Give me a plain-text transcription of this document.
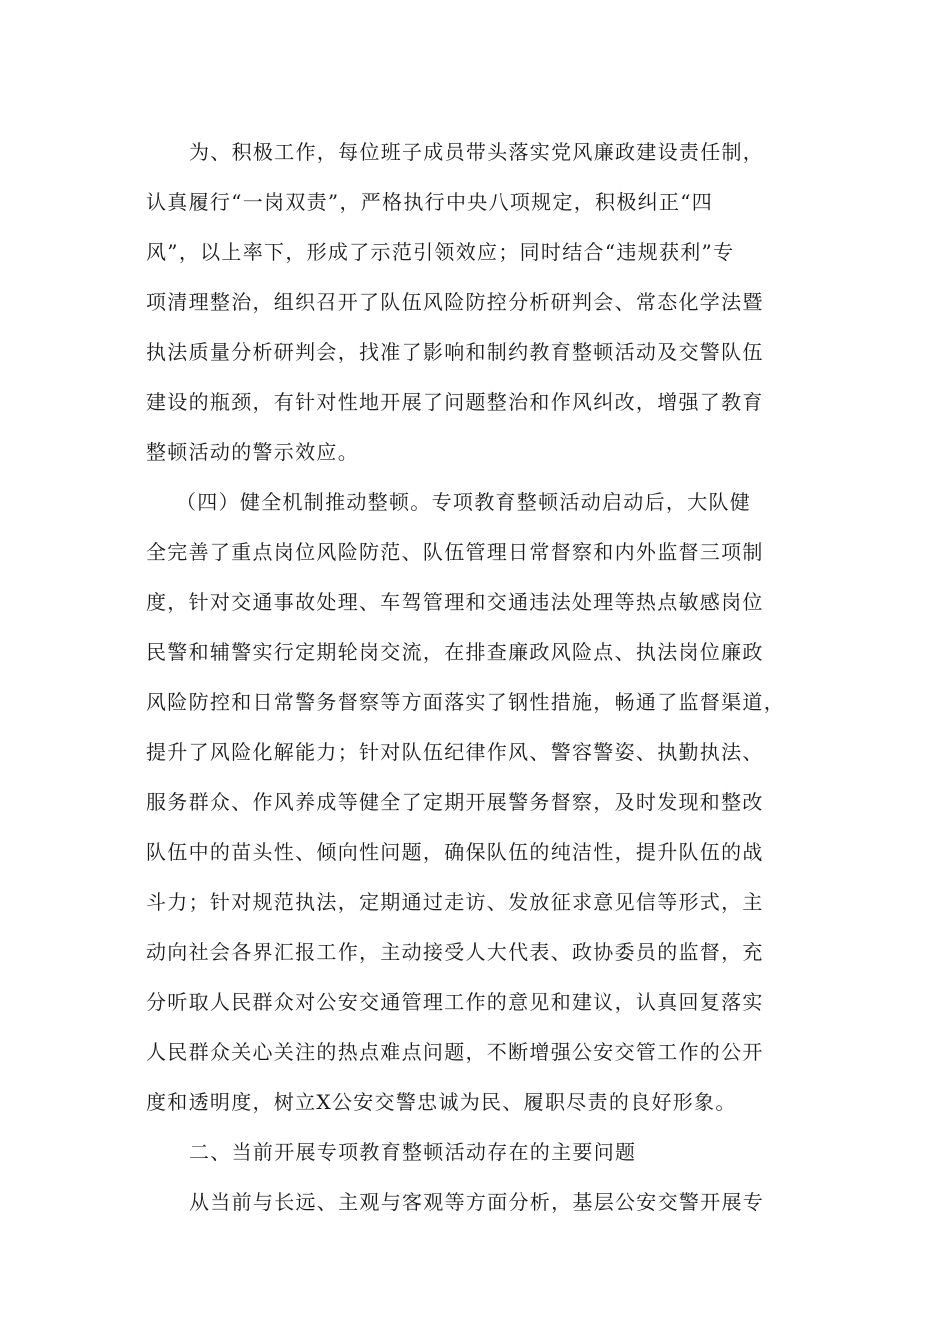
为、积极工作，每位班子成员带头落实党风廉政建设责任制，
认真履行“一岗双责”，严格执行中央八项规定，积极纠正“四
风”，以上率下，形成了示范引领效应；同时结合“违规获利”专
项清理整治，组织召开了队伍风险防控分析研判会、常态化学法暨
执法质量分析研判会，找准了影响和制约教育整顿活动及交警队伍
建设的瓶颈，有针对性地开展了问题整治和作风纠改，增强了教育
整顿活动的警示效应。
（四）健全机制推动整顿。专项教育整顿活动启动后，大队健
全完善了重点岗位风险防范、队伍管理日常督察和内外监督三项制
度，针对交通事故处理、车驾管理和交通违法处理等热点敏感岗位
民警和辅警实行定期轮岗交流，在排查廉政风险点、执法岗位廉政
风险防控和日常警务督察等方面落实了钢性措施，畅通了监督渠道，
提升了风险化解能力；针对队伍纪律作风、警容警姿、执勤执法、
服务群众、作风养成等健全了定期开展警务督察，及时发现和整改
队伍中的苗头性、倾向性问题，确保队伍的纯洁性，提升队伍的战
斗力；针对规范执法，定期通过走访、发放征求意见信等形式，主
动向社会各界汇报工作，主动接受人大代表、政协委员的监督，充
分听取人民群众对公安交通管理工作的意见和建议，认真回复落实
人民群众关心关注的热点难点问题，不断增强公安交管工作的公开
度和透明度，树立X公安交警忠诚为民、履职尽责的良好形象。
二、当前开展专项教育整顿活动存在的主要问题
从当前与长远、主观与客观等方面分析，基层公安交警开展专
